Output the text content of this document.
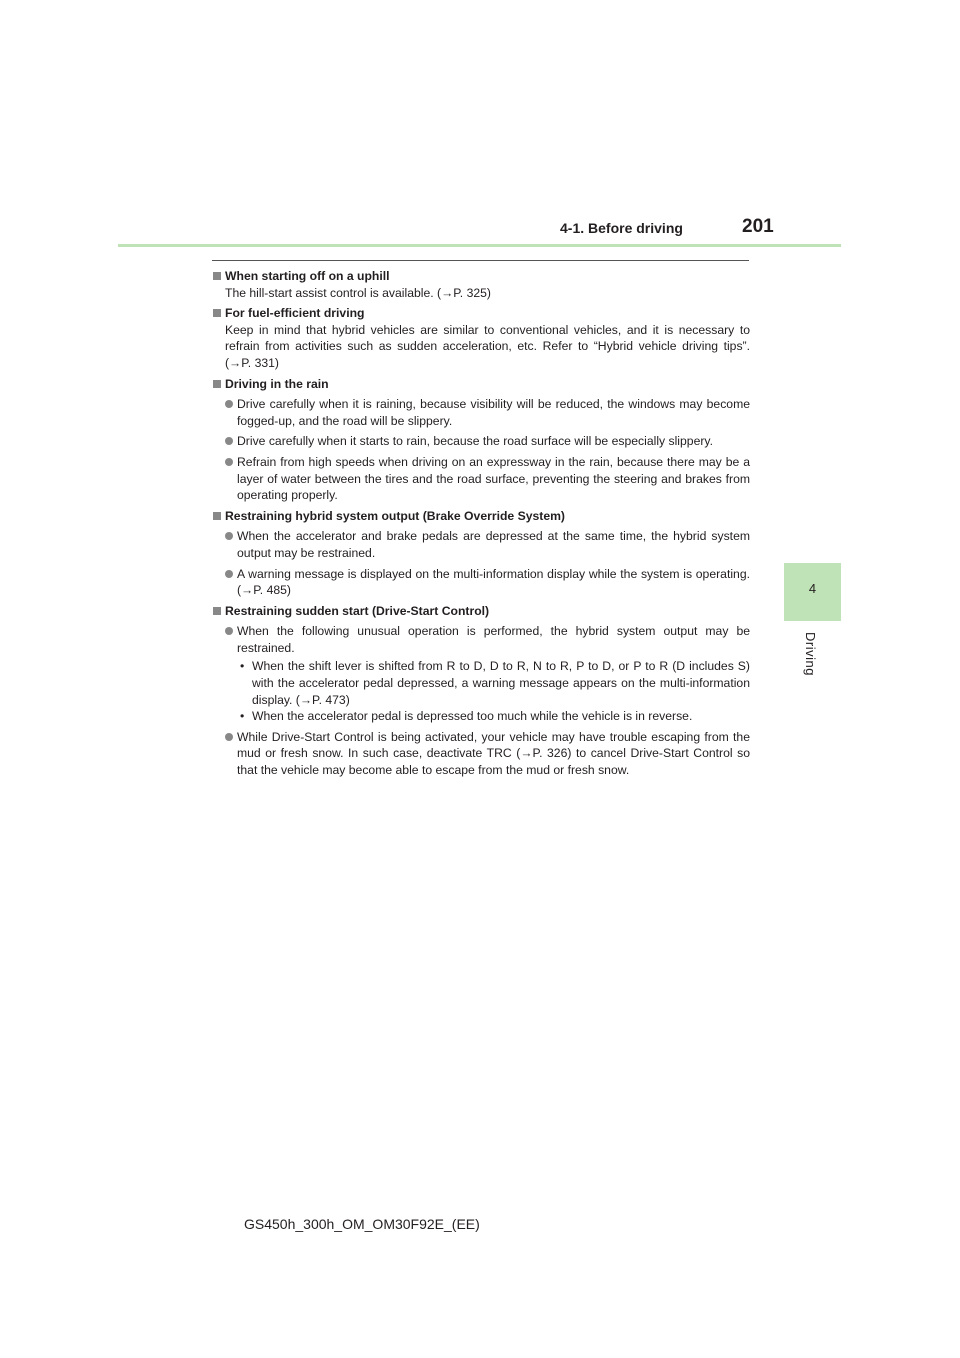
4-1. Before driving	201
4
Driving

When starting off on a uphill

The hill-start assist control is available. (→P. 325)

For fuel-efficient driving

Keep in mind that hybrid vehicles are similar to conventional vehicles, and it is necessary to refrain from activities such as sudden acceleration, etc. Refer to “Hybrid vehicle driving tips”. (→P. 331)

Driving in the rain

Drive carefully when it is raining, because visibility will be reduced, the windows may become fogged-up, and the road will be slippery.

Drive carefully when it starts to rain, because the road surface will be especially slippery.

Refrain from high speeds when driving on an expressway in the rain, because there may be a layer of water between the tires and the road surface, preventing the steering and brakes from operating properly.

Restraining hybrid system output (Brake Override System)

When the accelerator and brake pedals are depressed at the same time, the hybrid system output may be restrained.

A warning message is displayed on the multi-information display while the system is operating. (→P. 485)

Restraining sudden start (Drive-Start Control)

When the following unusual operation is performed, the hybrid system output may be restrained.

• When the shift lever is shifted from R to D, D to R, N to R, P to D, or P to R (D includes S) with the accelerator pedal depressed, a warning message appears on the multi-information display. (→P. 473)

• When the accelerator pedal is depressed too much while the vehicle is in reverse.

While Drive-Start Control is being activated, your vehicle may have trouble escaping from the mud or fresh snow. In such case, deactivate TRC (→P. 326) to cancel Drive-Start Control so that the vehicle may become able to escape from the mud or fresh snow.

GS450h_300h_OM_OM30F92E_(EE)
